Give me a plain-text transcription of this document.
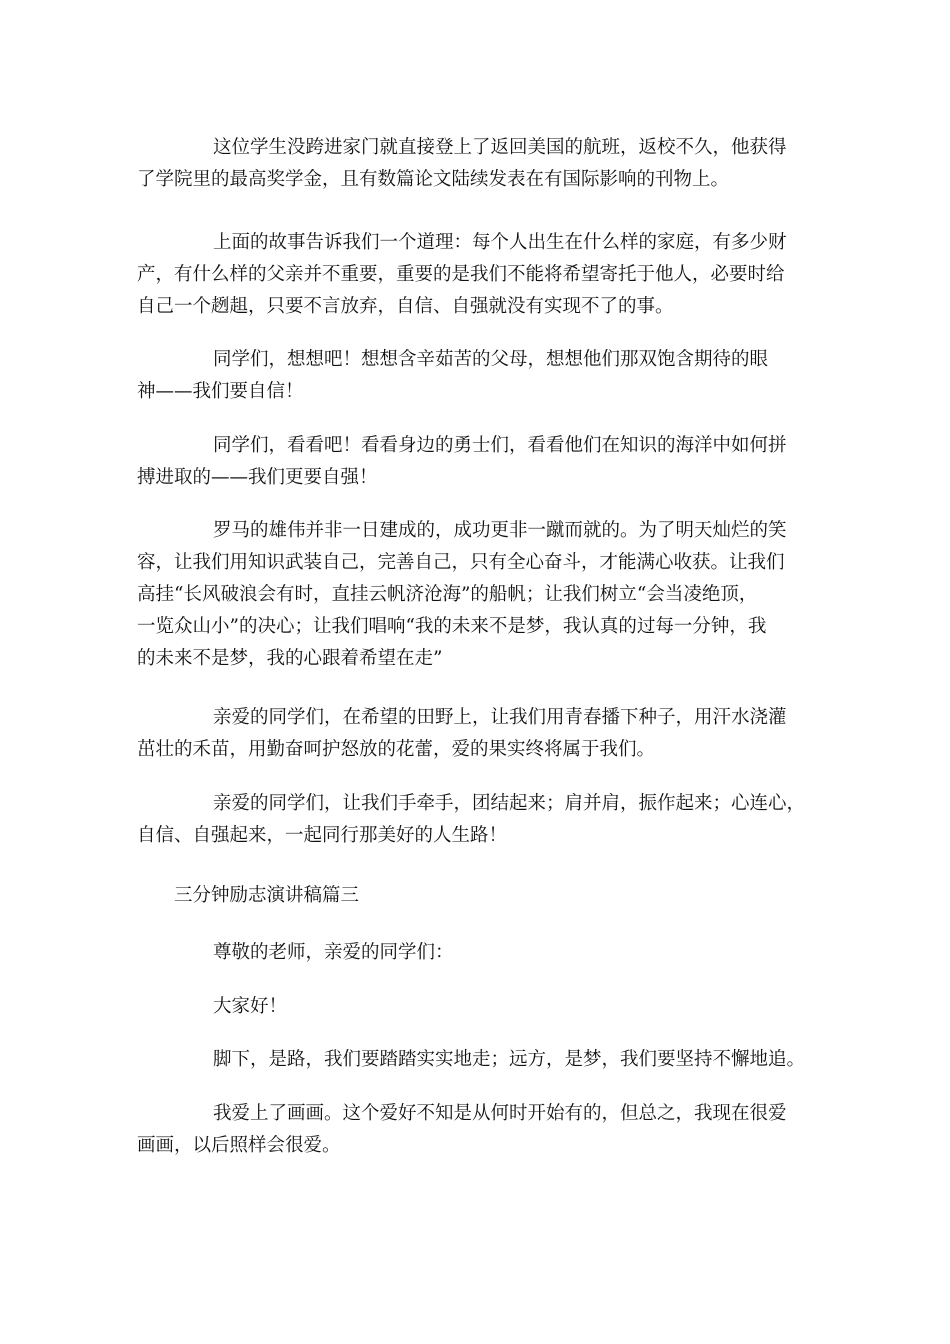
这位学生没跨进家门就直接登上了返回美国的航班，返校不久，他获得
了学院里的最高奖学金，且有数篇论文陆续发表在有国际影响的刊物上。
上面的故事告诉我们一个道理：每个人出生在什么样的家庭，有多少财
产，有什么样的父亲并不重要，重要的是我们不能将希望寄托于他人，必要时给
自己一个趔趄，只要不言放弃，自信、自强就没有实现不了的事。
同学们，想想吧！想想含辛茹苦的父母，想想他们那双饱含期待的眼
神——我们要自信！
同学们，看看吧！看看身边的勇士们，看看他们在知识的海洋中如何拼
搏进取的——我们更要自强！
罗马的雄伟并非一日建成的，成功更非一蹴而就的。为了明天灿烂的笑
容，让我们用知识武装自己，完善自己，只有全心奋斗，才能满心收获。让我们
高挂“长风破浪会有时，直挂云帆济沧海”的船帆；让我们树立“会当凌绝顶，
一览众山小”的决心；让我们唱响“我的未来不是梦，我认真的过每一分钟，我
的未来不是梦，我的心跟着希望在走”
亲爱的同学们，在希望的田野上，让我们用青春播下种子，用汗水浇灌
茁壮的禾苗，用勤奋呵护怒放的花蕾，爱的果实终将属于我们。
亲爱的同学们，让我们手牵手，团结起来；肩并肩，振作起来；心连心，
自信、自强起来，一起同行那美好的人生路！
三分钟励志演讲稿篇三
尊敬的老师，亲爱的同学们：
大家好！
脚下，是路，我们要踏踏实实地走；远方，是梦，我们要坚持不懈地追。
我爱上了画画。这个爱好不知是从何时开始有的，但总之，我现在很爱
画画，以后照样会很爱。
